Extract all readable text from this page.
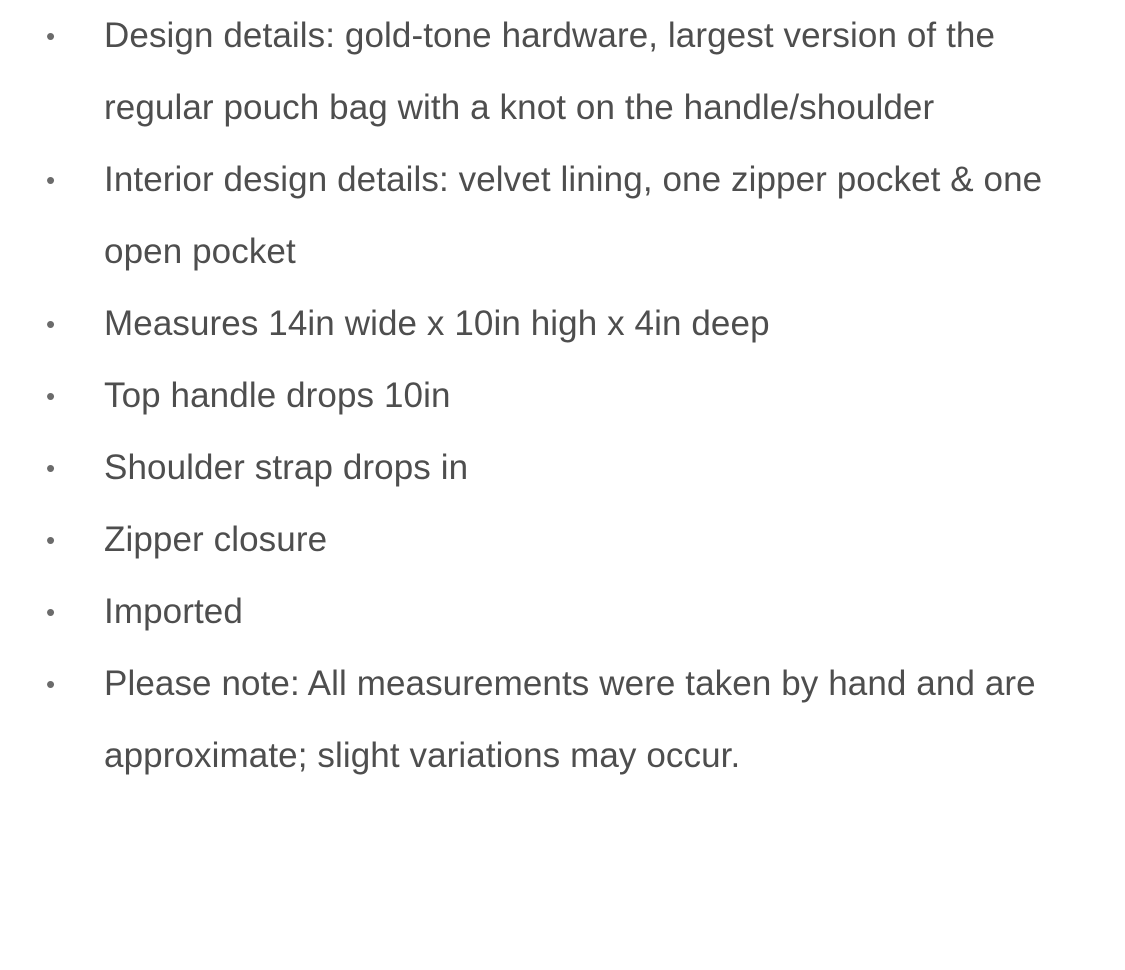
• Design details: gold-tone hardware, largest version of the regular pouch bag with a knot on the handle/shoulder
• Interior design details: velvet lining, one zipper pocket & one open pocket
• Measures 14in wide x 10in high x 4in deep
• Top handle drops 10in
• Shoulder strap drops in
• Zipper closure
• Imported
• Please note: All measurements were taken by hand and are approximate; slight variations may occur.
